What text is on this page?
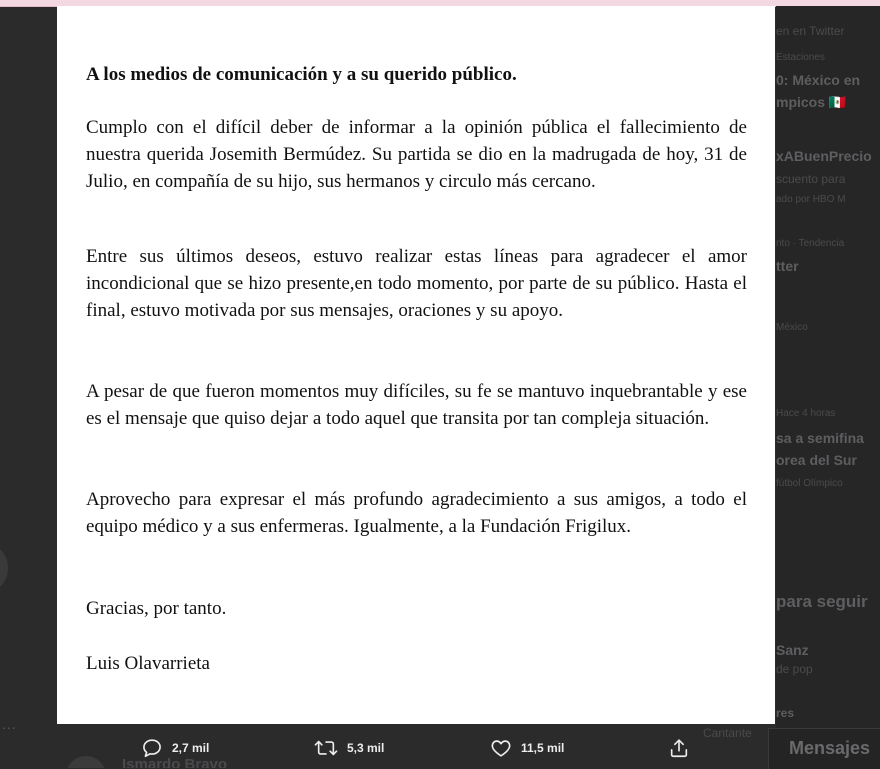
en en Twitter
Estaciones
0: México en
mpicos 🇲🇽
xABuenPrecio
scuento para
ado por HBO M
nto · Tendencia
tter
México
Hace 4 horas
sa a semifina
orea del Sur
fútbol Olímpico
para seguir
Sanz
de pop
res
Cantante
...

A los medios de comunicación y a su querido público.

Cumplo con el difícil deber de informar a la opinión pública el fallecimiento de nuestra querida Josemith Bermúdez. Su partida se dio en la madrugada de hoy, 31 de Julio, en compañía de su hijo, sus hermanos y circulo más cercano.

Entre sus últimos deseos, estuvo realizar estas líneas para agradecer el amor incondicional que se hizo presente,en todo momento, por parte de su público. Hasta el final, estuvo motivada por sus mensajes, oraciones y su apoyo.

A pesar de que fueron momentos muy difíciles, su fe se mantuvo inquebrantable y ese es el mensaje que quiso dejar a todo aquel que transita por tan compleja situación.

Aprovecho para expresar el más profundo agradecimiento a sus amigos, a todo el equipo médico y a sus enfermeras. Igualmente, a la Fundación Frigilux.

Gracias, por tanto.

Luis Olavarrieta

Mensajes
Ismardo Bravo
2,7 mil	5,3 mil	11,5 mil
